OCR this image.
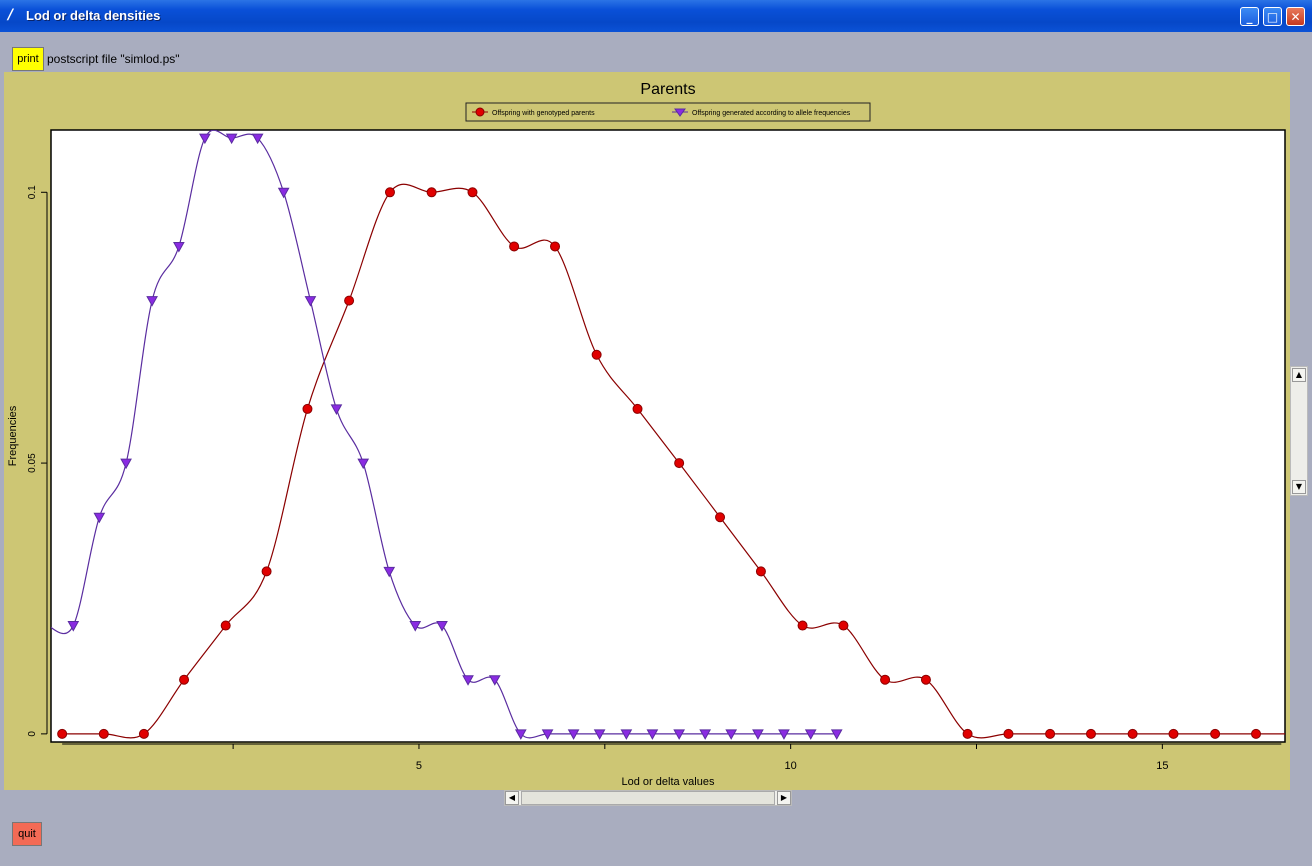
/ Lod or delta densities	_	□	✕
print postscript file "simlod.ps"
Parents
Offspring with genotyped parents	Offspring generated according to allele frequencies
5	10	15
0
0.05
0.1
Lod or delta values
Frequencies
▲
▼
◀	▶
quit
